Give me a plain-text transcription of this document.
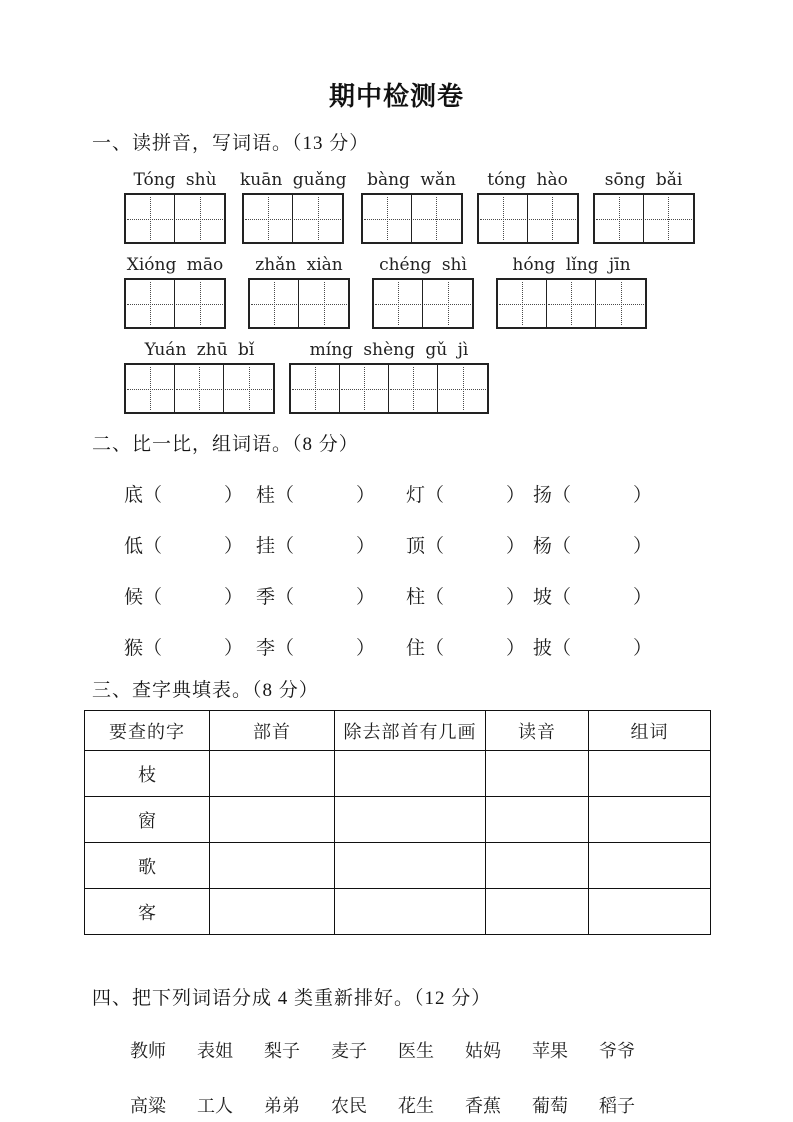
期中检测卷
一、读拼音，写词语。（13 分）
Tóng shù kuān guǎng bàng wǎn tóng hào sōng bǎi
Xióng māo zhǎn xiàn chéng shì	hóng lǐng jīn
Yuán zhū bǐ	míng shèng gǔ jì
二、比一比，组词语。（8 分）
底（	） 桂（	）	灯（	） 扬（	）
低（	） 挂（	）	顶（	） 杨（	）
候（	） 季（	）	柱（	） 坡（	）
猴（	） 李（	）	住（	） 披（	）
三、查字典填表。（8 分）
要查的字	部首	除去部首有几画	读音	组词
枝				
窗				
歌				
客				
四、把下列词语分成 4 类重新排好。（12 分）
教师 表姐 梨子 麦子 医生 姑妈 苹果 爷爷
高粱 工人 弟弟 农民 花生 香蕉 葡萄 稻子
